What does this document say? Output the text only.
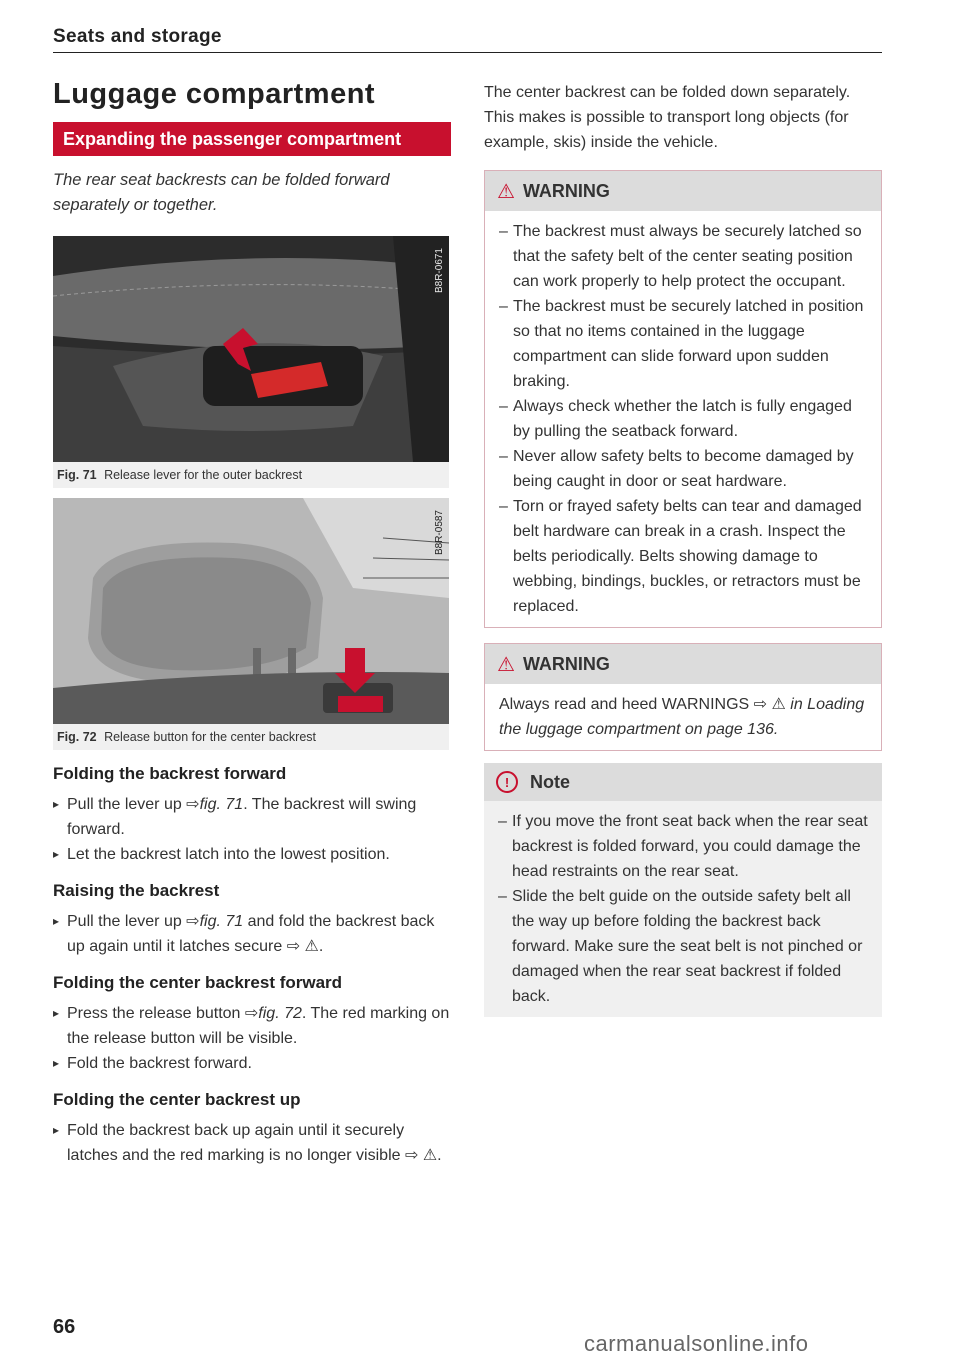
Seats and storage
Luggage compartment
Expanding the passenger compartment
The rear seat backrests can be folded forward separately or together.
B8R-0671
Fig. 71 Release lever for the outer backrest
B8R-0587
Fig. 72 Release button for the center backrest
Folding the backrest forward
▸ Pull the lever up ⇨fig. 71. The backrest will swing forward.
▸ Let the backrest latch into the lowest position.
Raising the backrest
▸ Pull the lever up ⇨fig. 71 and fold the backrest back up again until it latches secure ⇨ ⚠.
Folding the center backrest forward
▸ Press the release button ⇨fig. 72. The red marking on the release button will be visible.
▸ Fold the backrest forward.
Folding the center backrest up
▸ Fold the backrest back up again until it securely latches and the red marking is no longer visible ⇨ ⚠.
66
The center backrest can be folded down separately. This makes is possible to transport long objects (for example, skis) inside the vehicle.
⚠ WARNING
– The backrest must always be securely latched so that the safety belt of the center seating position can work properly to help protect the occupant.
– The backrest must be securely latched in position so that no items contained in the luggage compartment can slide forward upon sudden braking.
– Always check whether the latch is fully engaged by pulling the seatback forward.
– Never allow safety belts to become damaged by being caught in door or seat hardware.
– Torn or frayed safety belts can tear and damaged belt hardware can break in a crash. Inspect the belts periodically. Belts showing damage to webbing, bindings, buckles, or retractors must be replaced.
⚠ WARNING
Always read and heed WARNINGS ⇨ ⚠ in Loading the luggage compartment on page 136.
!	Note
– If you move the front seat back when the rear seat backrest is folded forward, you could damage the head restraints on the rear seat.
– Slide the belt guide on the outside safety belt all the way up before folding the backrest back forward. Make sure the seat belt is not pinched or damaged when the rear seat backrest if folded back.
carmanualsonline.info
